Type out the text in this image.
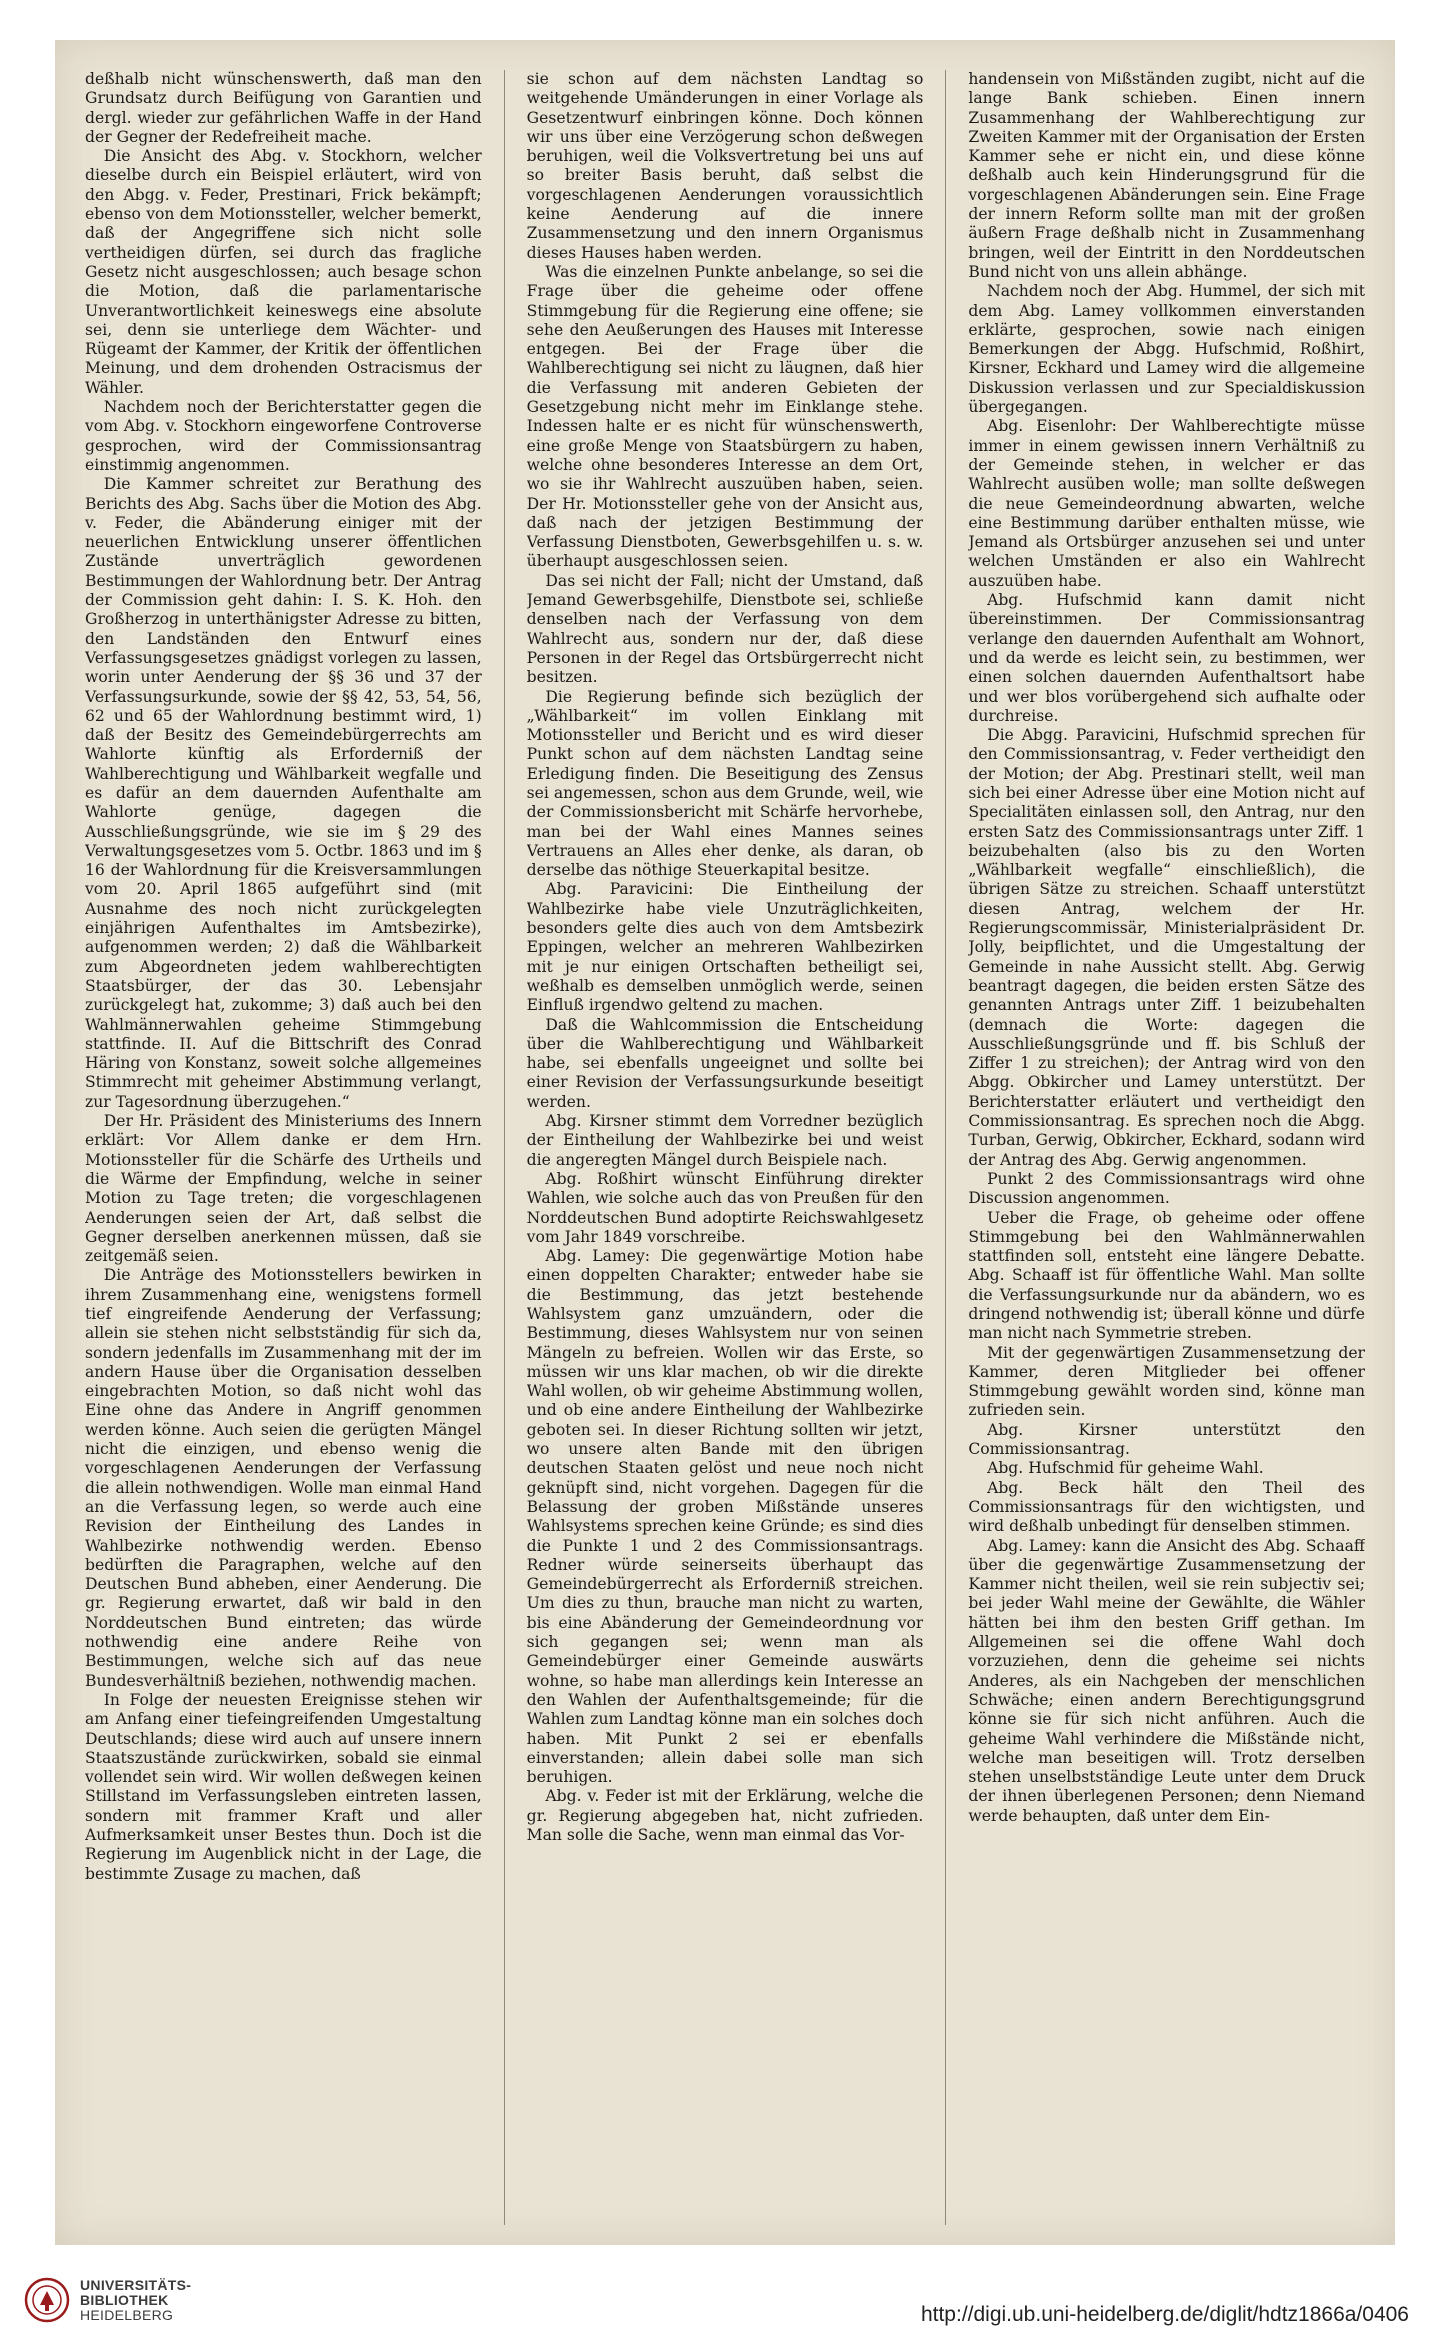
deßhalb nicht wünschenswerth, daß man den Grundsatz durch Beifügung von Garantien und dergl. wieder zur gefährlichen Waffe in der Hand der Gegner der Redefreiheit mache.

Die Ansicht des Abg. v. Stockhorn, welcher dieselbe durch ein Beispiel erläutert, wird von den Abgg. v. Feder, Prestinari, Frick bekämpft; ebenso von dem Motionssteller, welcher bemerkt, daß der Angegriffene sich nicht solle vertheidigen dürfen, sei durch das fragliche Gesetz nicht ausgeschlossen; auch besage schon die Motion, daß die parlamentarische Unverantwortlichkeit keineswegs eine absolute sei, denn sie unterliege dem Wächter- und Rügeamt der Kammer, der Kritik der öffentlichen Meinung, und dem drohenden Ostracismus der Wähler.

Nachdem noch der Berichterstatter gegen die vom Abg. v. Stockhorn eingeworfene Controverse gesprochen, wird der Commissionsantrag einstimmig angenommen.

Die Kammer schreitet zur Berathung des Berichts des Abg. Sachs über die Motion des Abg. v. Feder, die Abänderung einiger mit der neuerlichen Entwicklung unserer öffentlichen Zustände unverträglich gewordenen Bestimmungen der Wahlordnung betr. Der Antrag der Commission geht dahin: I. S. K. Hoh. den Großherzog in unterthänigster Adresse zu bitten, den Landständen den Entwurf eines Verfassungsgesetzes gnädigst vorlegen zu lassen, worin unter Aenderung der §§ 36 und 37 der Verfassungsurkunde, sowie der §§ 42, 53, 54, 56, 62 und 65 der Wahlordnung bestimmt wird, 1) daß der Besitz des Gemeindebürgerrechts am Wahlorte künftig als Erforderniß der Wahlberechtigung und Wählbarkeit wegfalle und es dafür an dem dauernden Aufenthalte am Wahlorte genüge, dagegen die Ausschließungsgründe, wie sie im § 29 des Verwaltungsgesetzes vom 5. Octbr. 1863 und im § 16 der Wahlordnung für die Kreisversammlungen vom 20. April 1865 aufgeführt sind (mit Ausnahme des noch nicht zurückgelegten einjährigen Aufenthaltes im Amtsbezirke), aufgenommen werden; 2) daß die Wählbarkeit zum Abgeordneten jedem wahlberechtigten Staatsbürger, der das 30. Lebensjahr zurückgelegt hat, zukomme; 3) daß auch bei den Wahlmännerwahlen geheime Stimmgebung stattfinde. II. Auf die Bittschrift des Conrad Häring von Konstanz, soweit solche allgemeines Stimmrecht mit geheimer Abstimmung verlangt, zur Tagesordnung überzugehen.“

Der Hr. Präsident des Ministeriums des Innern erklärt: Vor Allem danke er dem Hrn. Motionssteller für die Schärfe des Urtheils und die Wärme der Empfindung, welche in seiner Motion zu Tage treten; die vorgeschlagenen Aenderungen seien der Art, daß selbst die Gegner derselben anerkennen müssen, daß sie zeitgemäß seien.

Die Anträge des Motionsstellers bewirken in ihrem Zusammenhang eine, wenigstens formell tief eingreifende Aenderung der Verfassung; allein sie stehen nicht selbstständig für sich da, sondern jedenfalls im Zusammenhang mit der im andern Hause über die Organisation desselben eingebrachten Motion, so daß nicht wohl das Eine ohne das Andere in Angriff genommen werden könne. Auch seien die gerügten Mängel nicht die einzigen, und ebenso wenig die vorgeschlagenen Aenderungen der Verfassung die allein nothwendigen. Wolle man einmal Hand an die Verfassung legen, so werde auch eine Revision der Eintheilung des Landes in Wahlbezirke nothwendig werden. Ebenso bedürften die Paragraphen, welche auf den Deutschen Bund abheben, einer Aenderung. Die gr. Regierung erwartet, daß wir bald in den Norddeutschen Bund eintreten; das würde nothwendig eine andere Reihe von Bestimmungen, welche sich auf das neue Bundesverhältniß beziehen, nothwendig machen.

In Folge der neuesten Ereignisse stehen wir am Anfang einer tiefeingreifenden Umgestaltung Deutschlands; diese wird auch auf unsere innern Staatszustände zurückwirken, sobald sie einmal vollendet sein wird. Wir wollen deßwegen keinen Stillstand im Verfassungsleben eintreten lassen, sondern mit frammer Kraft und aller Aufmerksamkeit unser Bestes thun. Doch ist die Regierung im Augenblick nicht in der Lage, die bestimmte Zusage zu machen, daß

sie schon auf dem nächsten Landtag so weitgehende Umänderungen in einer Vorlage als Gesetzentwurf einbringen könne. Doch können wir uns über eine Verzögerung schon deßwegen beruhigen, weil die Volksvertretung bei uns auf so breiter Basis beruht, daß selbst die vorgeschlagenen Aenderungen voraussichtlich keine Aenderung auf die innere Zusammensetzung und den innern Organismus dieses Hauses haben werden.

Was die einzelnen Punkte anbelange, so sei die Frage über die geheime oder offene Stimmgebung für die Regierung eine offene; sie sehe den Aeußerungen des Hauses mit Interesse entgegen. Bei der Frage über die Wahlberechtigung sei nicht zu läugnen, daß hier die Verfassung mit anderen Gebieten der Gesetzgebung nicht mehr im Einklange stehe. Indessen halte er es nicht für wünschenswerth, eine große Menge von Staatsbürgern zu haben, welche ohne besonderes Interesse an dem Ort, wo sie ihr Wahlrecht auszuüben haben, seien. Der Hr. Motionssteller gehe von der Ansicht aus, daß nach der jetzigen Bestimmung der Verfassung Dienstboten, Gewerbsgehilfen u. s. w. überhaupt ausgeschlossen seien.

Das sei nicht der Fall; nicht der Umstand, daß Jemand Gewerbsgehilfe, Dienstbote sei, schließe denselben nach der Verfassung von dem Wahlrecht aus, sondern nur der, daß diese Personen in der Regel das Ortsbürgerrecht nicht besitzen.

Die Regierung befinde sich bezüglich der „Wählbarkeit“ im vollen Einklang mit Motionssteller und Bericht und es wird dieser Punkt schon auf dem nächsten Landtag seine Erledigung finden. Die Beseitigung des Zensus sei angemessen, schon aus dem Grunde, weil, wie der Commissionsbericht mit Schärfe hervorhebe, man bei der Wahl eines Mannes seines Vertrauens an Alles eher denke, als daran, ob derselbe das nöthige Steuerkapital besitze.

Abg. Paravicini: Die Eintheilung der Wahlbezirke habe viele Unzuträglichkeiten, besonders gelte dies auch von dem Amtsbezirk Eppingen, welcher an mehreren Wahlbezirken mit je nur einigen Ortschaften betheiligt sei, weßhalb es demselben unmöglich werde, seinen Einfluß irgendwo geltend zu machen.

Daß die Wahlcommission die Entscheidung über die Wahlberechtigung und Wählbarkeit habe, sei ebenfalls ungeeignet und sollte bei einer Revision der Verfassungsurkunde beseitigt werden.

Abg. Kirsner stimmt dem Vorredner bezüglich der Eintheilung der Wahlbezirke bei und weist die angeregten Mängel durch Beispiele nach.

Abg. Roßhirt wünscht Einführung direkter Wahlen, wie solche auch das von Preußen für den Norddeutschen Bund adoptirte Reichswahlgesetz vom Jahr 1849 vorschreibe.

Abg. Lamey: Die gegenwärtige Motion habe einen doppelten Charakter; entweder habe sie die Bestimmung, das jetzt bestehende Wahlsystem ganz umzuändern, oder die Bestimmung, dieses Wahlsystem nur von seinen Mängeln zu befreien. Wollen wir das Erste, so müssen wir uns klar machen, ob wir die direkte Wahl wollen, ob wir geheime Abstimmung wollen, und ob eine andere Eintheilung der Wahlbezirke geboten sei. In dieser Richtung sollten wir jetzt, wo unsere alten Bande mit den übrigen deutschen Staaten gelöst und neue noch nicht geknüpft sind, nicht vorgehen. Dagegen für die Belassung der groben Mißstände unseres Wahlsystems sprechen keine Gründe; es sind dies die Punkte 1 und 2 des Commissionsantrags. Redner würde seinerseits überhaupt das Gemeindebürgerrecht als Erforderniß streichen. Um dies zu thun, brauche man nicht zu warten, bis eine Abänderung der Gemeindeordnung vor sich gegangen sei; wenn man als Gemeindebürger einer Gemeinde auswärts wohne, so habe man allerdings kein Interesse an den Wahlen der Aufenthaltsgemeinde; für die Wahlen zum Landtag könne man ein solches doch haben. Mit Punkt 2 sei er ebenfalls einverstanden; allein dabei solle man sich beruhigen.

Abg. v. Feder ist mit der Erklärung, welche die gr. Regierung abgegeben hat, nicht zufrieden. Man solle die Sache, wenn man einmal das Vor-

handensein von Mißständen zugibt, nicht auf die lange Bank schieben. Einen innern Zusammenhang der Wahlberechtigung zur Zweiten Kammer mit der Organisation der Ersten Kammer sehe er nicht ein, und diese könne deßhalb auch kein Hinderungsgrund für die vorgeschlagenen Abänderungen sein. Eine Frage der innern Reform sollte man mit der großen äußern Frage deßhalb nicht in Zusammenhang bringen, weil der Eintritt in den Norddeutschen Bund nicht von uns allein abhänge.

Nachdem noch der Abg. Hummel, der sich mit dem Abg. Lamey vollkommen einverstanden erklärte, gesprochen, sowie nach einigen Bemerkungen der Abgg. Hufschmid, Roßhirt, Kirsner, Eckhard und Lamey wird die allgemeine Diskussion verlassen und zur Specialdiskussion übergegangen.

Abg. Eisenlohr: Der Wahlberechtigte müsse immer in einem gewissen innern Verhältniß zu der Gemeinde stehen, in welcher er das Wahlrecht ausüben wolle; man sollte deßwegen die neue Gemeindeordnung abwarten, welche eine Bestimmung darüber enthalten müsse, wie Jemand als Ortsbürger anzusehen sei und unter welchen Umständen er also ein Wahlrecht auszuüben habe.

Abg. Hufschmid kann damit nicht übereinstimmen. Der Commissionsantrag verlange den dauernden Aufenthalt am Wohnort, und da werde es leicht sein, zu bestimmen, wer einen solchen dauernden Aufenthaltsort habe und wer blos vorübergehend sich aufhalte oder durchreise.

Die Abgg. Paravicini, Hufschmid sprechen für den Commissionsantrag, v. Feder vertheidigt den der Motion; der Abg. Prestinari stellt, weil man sich bei einer Adresse über eine Motion nicht auf Specialitäten einlassen soll, den Antrag, nur den ersten Satz des Commissionsantrags unter Ziff. 1 beizubehalten (also bis zu den Worten „Wählbarkeit wegfalle“ einschließlich), die übrigen Sätze zu streichen. Schaaff unterstützt diesen Antrag, welchem der Hr. Regierungscommissär, Ministerialpräsident Dr. Jolly, beipflichtet, und die Umgestaltung der Gemeinde in nahe Aussicht stellt. Abg. Gerwig beantragt dagegen, die beiden ersten Sätze des genannten Antrags unter Ziff. 1 beizubehalten (demnach die Worte: dagegen die Ausschließungsgründe und ff. bis Schluß der Ziffer 1 zu streichen); der Antrag wird von den Abgg. Obkircher und Lamey unterstützt. Der Berichterstatter erläutert und vertheidigt den Commissionsantrag. Es sprechen noch die Abgg. Turban, Gerwig, Obkircher, Eckhard, sodann wird der Antrag des Abg. Gerwig angenommen.

Punkt 2 des Commissionsantrags wird ohne Discussion angenommen.

Ueber die Frage, ob geheime oder offene Stimmgebung bei den Wahlmännerwahlen stattfinden soll, entsteht eine längere Debatte. Abg. Schaaff ist für öffentliche Wahl. Man sollte die Verfassungsurkunde nur da abändern, wo es dringend nothwendig ist; überall könne und dürfe man nicht nach Symmetrie streben.

Mit der gegenwärtigen Zusammensetzung der Kammer, deren Mitglieder bei offener Stimmgebung gewählt worden sind, könne man zufrieden sein.

Abg. Kirsner unterstützt den Commissionsantrag.

Abg. Hufschmid für geheime Wahl.

Abg. Beck hält den Theil des Commissionsantrags für den wichtigsten, und wird deßhalb unbedingt für denselben stimmen.

Abg. Lamey: kann die Ansicht des Abg. Schaaff über die gegenwärtige Zusammensetzung der Kammer nicht theilen, weil sie rein subjectiv sei; bei jeder Wahl meine der Gewählte, die Wähler hätten bei ihm den besten Griff gethan. Im Allgemeinen sei die offene Wahl doch vorzuziehen, denn die geheime sei nichts Anderes, als ein Nachgeben der menschlichen Schwäche; einen andern Berechtigungsgrund könne sie für sich nicht anführen. Auch die geheime Wahl verhindere die Mißstände nicht, welche man beseitigen will. Trotz derselben stehen unselbstständige Leute unter dem Druck der ihnen überlegenen Personen; denn Niemand werde behaupten, daß unter dem Ein-

UNIVERSITÄTS-
BIBLIOTHEK
HEIDELBERG	http://digi.ub.uni-heidelberg.de/diglit/hdtz1866a/0406
